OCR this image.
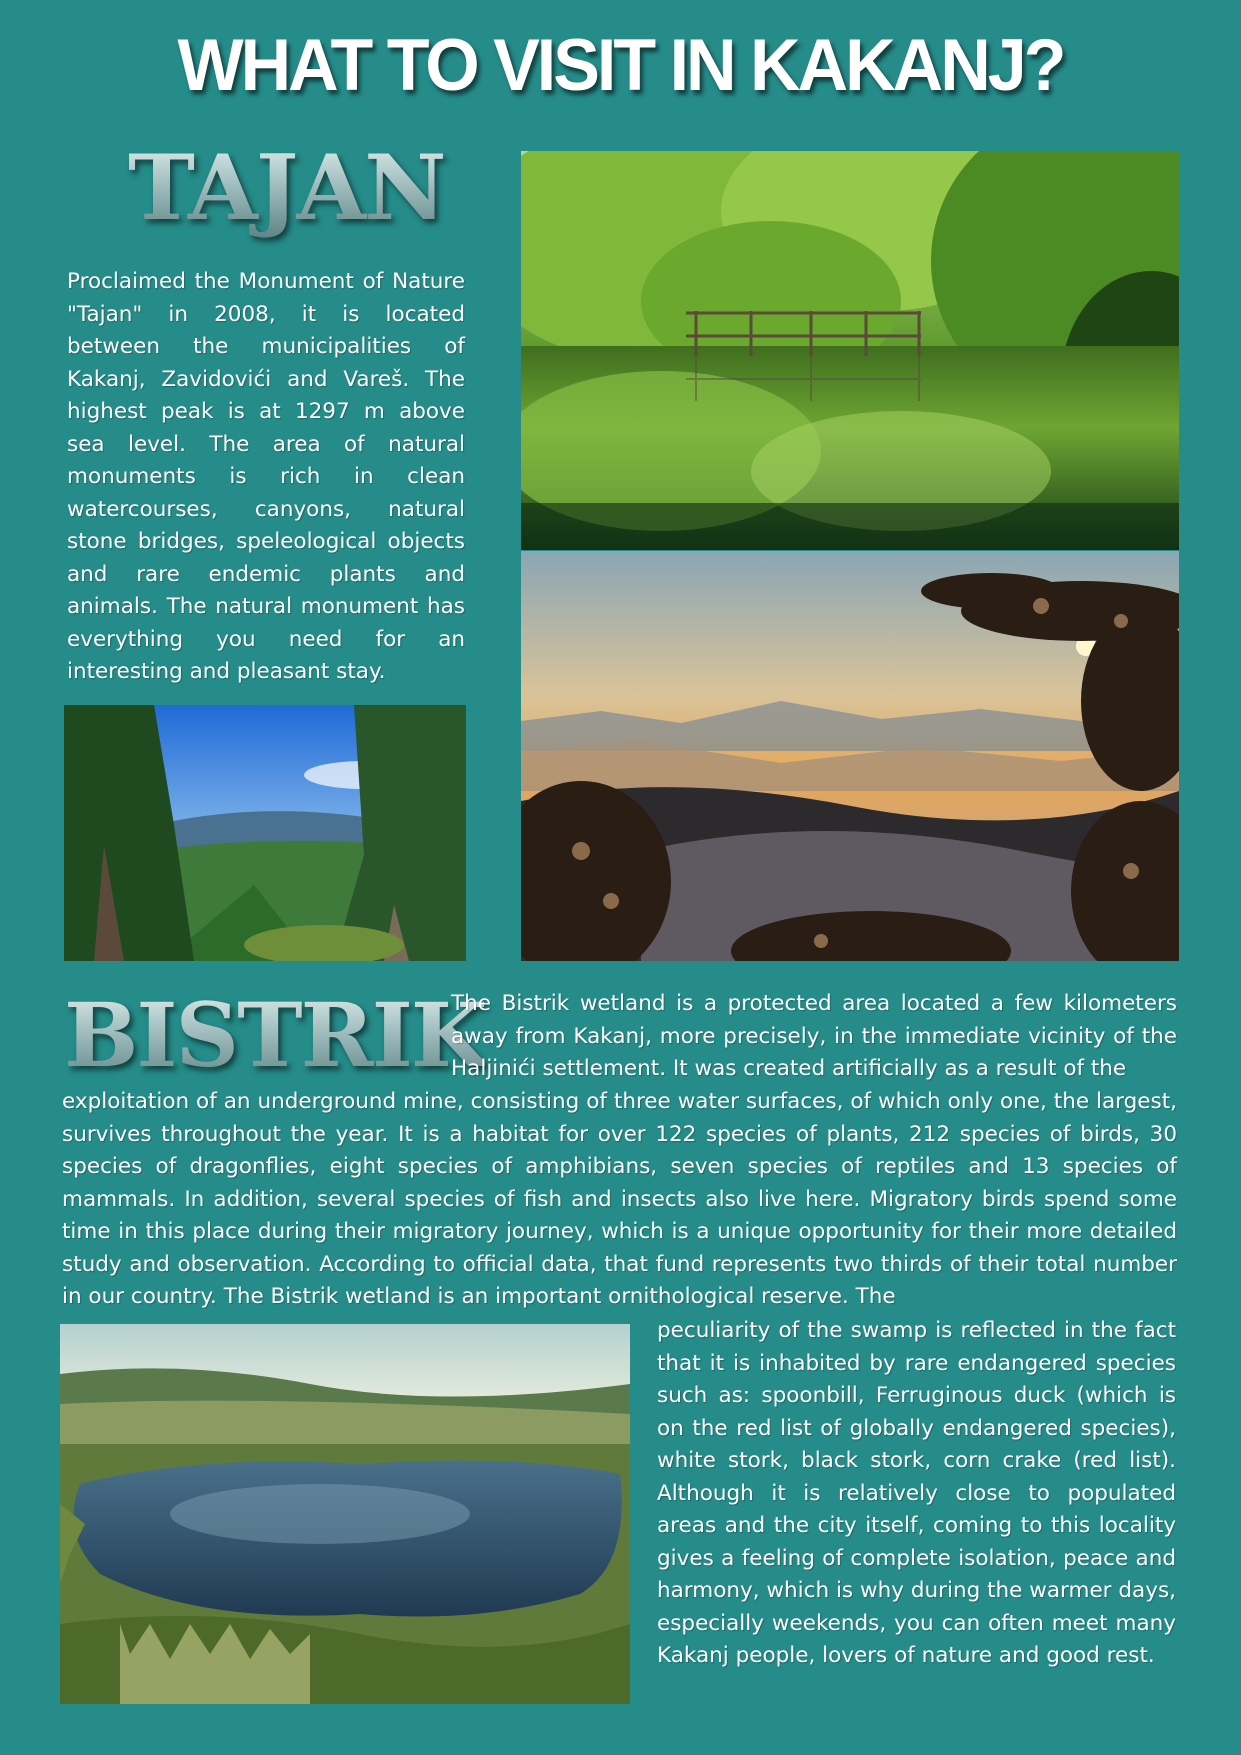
WHAT TO VISIT IN KAKANJ?
TAJAN
Proclaimed the Monument of Nature "Tajan" in 2008, it is located between the municipalities of Kakanj, Zavidovići and Vareš. The highest peak is at 1297 m above sea level. The area of natural monuments is rich in clean watercourses, canyons, natural stone bridges, speleological objects and rare endemic plants and animals. The natural monument has everything you need for an interesting and pleasant stay.
BISTRIK
The Bistrik wetland is a protected area located a few kilometers away from Kakanj, more precisely, in the immediate vicinity of the Haljinići settlement. It was created artificially as a result of the
exploitation of an underground mine, consisting of three water surfaces, of which only one, the largest, survives throughout the year. It is a habitat for over 122 species of plants, 212 species of birds, 30 species of dragonflies, eight species of amphibians, seven species of reptiles and 13 species of mammals. In addition, several species of fish and insects also live here. Migratory birds spend some time in this place during their migratory journey, which is a unique opportunity for their more detailed study and observation. According to official data, that fund represents two thirds of their total number in our country. The Bistrik wetland is an important ornithological reserve. The
peculiarity of the swamp is reflected in the fact that it is inhabited by rare endangered species such as: spoonbill, Ferruginous duck (which is on the red list of globally endangered species), white stork, black stork, corn crake (red list). Although it is relatively close to populated areas and the city itself, coming to this locality gives a feeling of complete isolation, peace and harmony, which is why during the warmer days, especially weekends, you can often meet many Kakanj people, lovers of nature and good rest.
